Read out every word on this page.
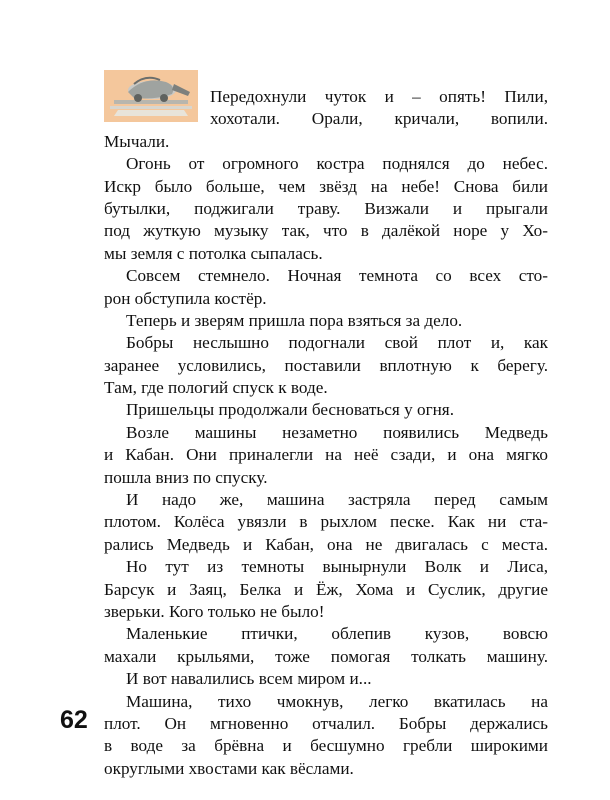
Передохнули чуток и – опять! Пили,
хохотали. Орали, кричали, вопили.
Мычали.
Огонь от огромного костра поднялся до небес.
Искр было больше, чем звёзд на небе! Снова били
бутылки, поджигали траву. Визжали и прыгали
под жуткую музыку так, что в далёкой норе у Хо-
мы земля с потолка сыпалась.
Совсем стемнело. Ночная темнота со всех сто-
рон обступила костёр.
Теперь и зверям пришла пора взяться за дело.
Бобры неслышно подогнали свой плот и, как
заранее условились, поставили вплотную к берегу.
Там, где пологий спуск к воде.
Пришельцы продолжали беснoваться у огня.
Возле машины незаметно появились Медведь
и Кабан. Они приналегли на неё сзади, и она мягко
пошла вниз по спуску.
И надо же, машина застряла перед самым
плотом. Колёса увязли в рыхлом песке. Как ни ста-
рались Медведь и Кабан, она не двигалась с места.
Но тут из темноты вынырнули Волк и Лиса,
Барсук и Заяц, Белка и Ёж, Хома и Суслик, другие
зверьки. Кого только не было!
Маленькие птички, облепив кузов, вовсю
махали крыльями, тоже помогая толкать машину.
И вот навалились всем миром и...
Машина, тихо чмокнув, легко вкатилась на
плот. Он мгновенно отчалил. Бобры держались
в воде за брёвна и бесшумно гребли широкими
округлыми хвостами как вёслами.
62
